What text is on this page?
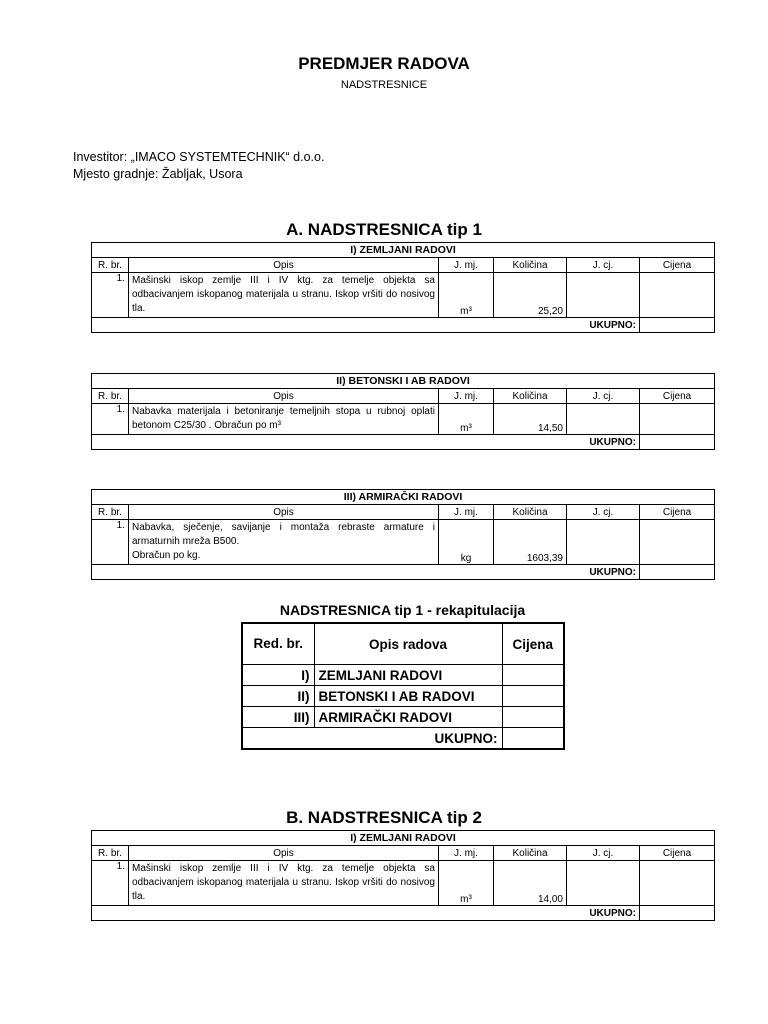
PREDMJER RADOVA
NADSTRESNICE
Investitor: „IMACO SYSTEMTECHNIK“ d.o.o.
Mjesto gradnje: Žabljak, Usora
A. NADSTRESNICA tip 1
I) ZEMLJANI RADOVI					
R. br.	Opis	J. mj.	Količina	J. cj.	Cijena
1.	Mašinski iskop zemlje III i IV ktg. za temelje objekta sa odbacivanjem iskopanog materijala u stranu. Iskop vršiti do nosivog tla.	m³	25,20		
UKUPNO:					
II) BETONSKI I AB RADOVI					
R. br.	Opis	J. mj.	Količina	J. cj.	Cijena
1.	Nabavka materijala i betoniranje temeljnih stopa u rubnoj oplati betonom C25/30 . Obračun po m³	m³	14,50		
UKUPNO:					
III) ARMIRAČKI RADOVI					
R. br.	Opis	J. mj.	Količina	J. cj.	Cijena
1.	Nabavka, sječenje, savijanje i montaža rebraste armature i armaturnih mreža B500.
Obračun po kg.	kg	1603,39		
UKUPNO:					
NADSTRESNICA tip 1 - rekapitulacija
Red. br.	Opis radova	Cijena
I)	ZEMLJANI RADOVI	
II)	BETONSKI I AB RADOVI	
III)	ARMIRAČKI RADOVI	
UKUPNO:		
B. NADSTRESNICA tip 2
I) ZEMLJANI RADOVI					
R. br.	Opis	J. mj.	Količina	J. cj.	Cijena
1.	Mašinski iskop zemlje III i IV ktg. za temelje objekta sa odbacivanjem iskopanog materijala u stranu. Iskop vršiti do nosivog tla.	m³	14,00		
UKUPNO:					
